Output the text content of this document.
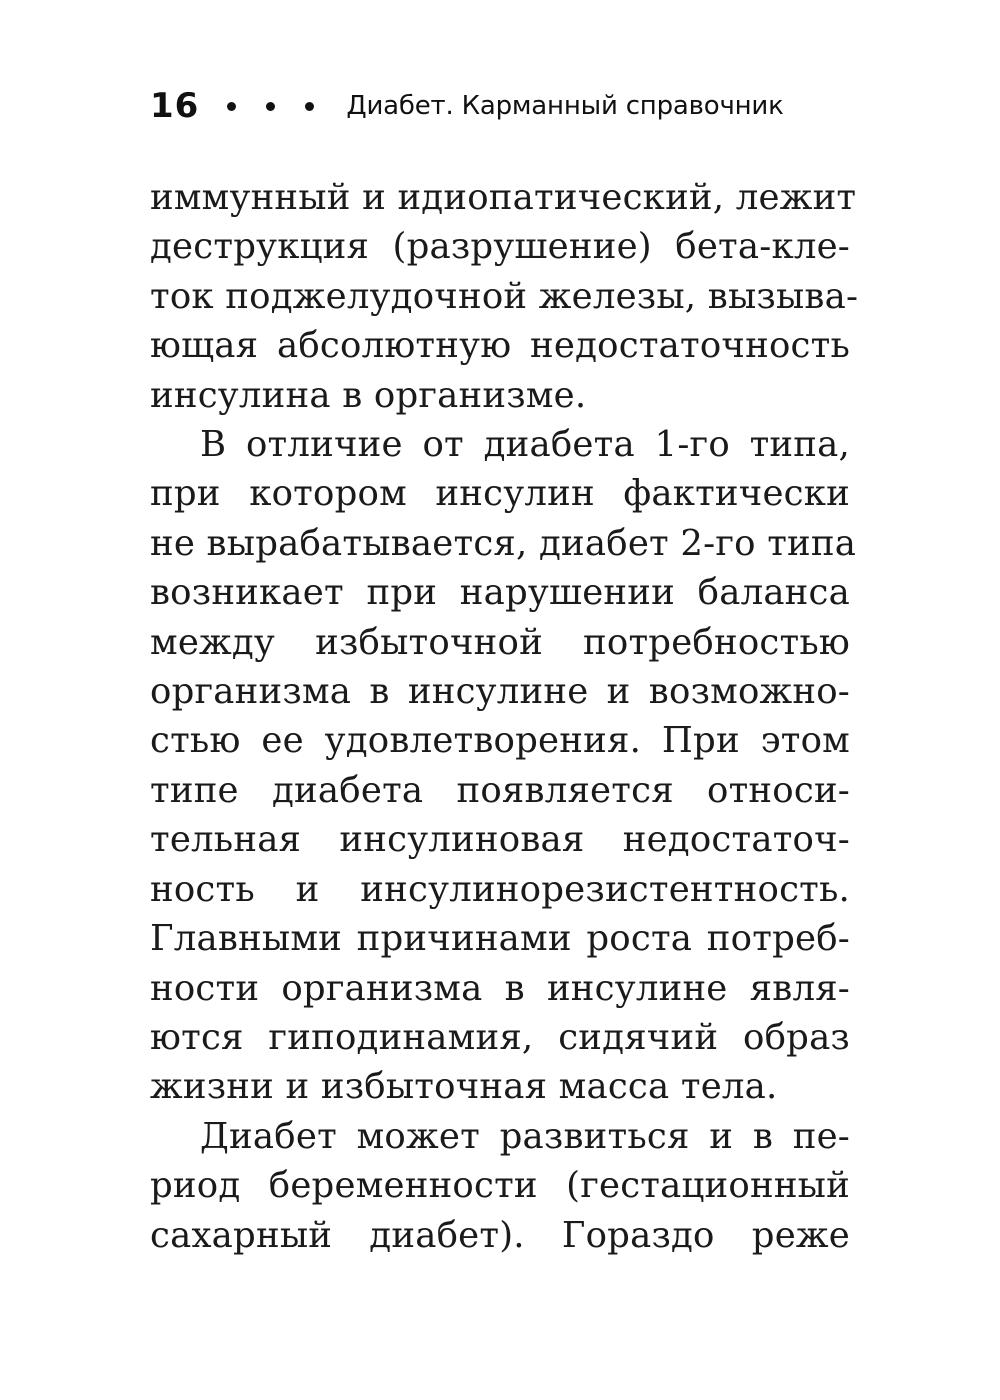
16	Диабет. Карманный справочник
иммунный и идиопатический, лежит
деструкция (разрушение) бета-кле-
ток поджелудочной железы, вызыва-
ющая абсолютную недостаточность
инсулина в организме.
В отличие от диабета 1-го типа,
при котором инсулин фактически
не вырабатывается, диабет 2-го типа
возникает при нарушении баланса
между избыточной потребностью
организма в инсулине и возможно-
стью ее удовлетворения. При этом
типе диабета появляется относи-
тельная инсулиновая недостаточ-
ность и инсулинорезистентность.
Главными причинами роста потреб-
ности организма в инсулине явля-
ются гиподинамия, сидячий образ
жизни и избыточная масса тела.
Диабет может развиться и в пе-
риод беременности (гестационный
сахарный диабет). Гораздо реже
